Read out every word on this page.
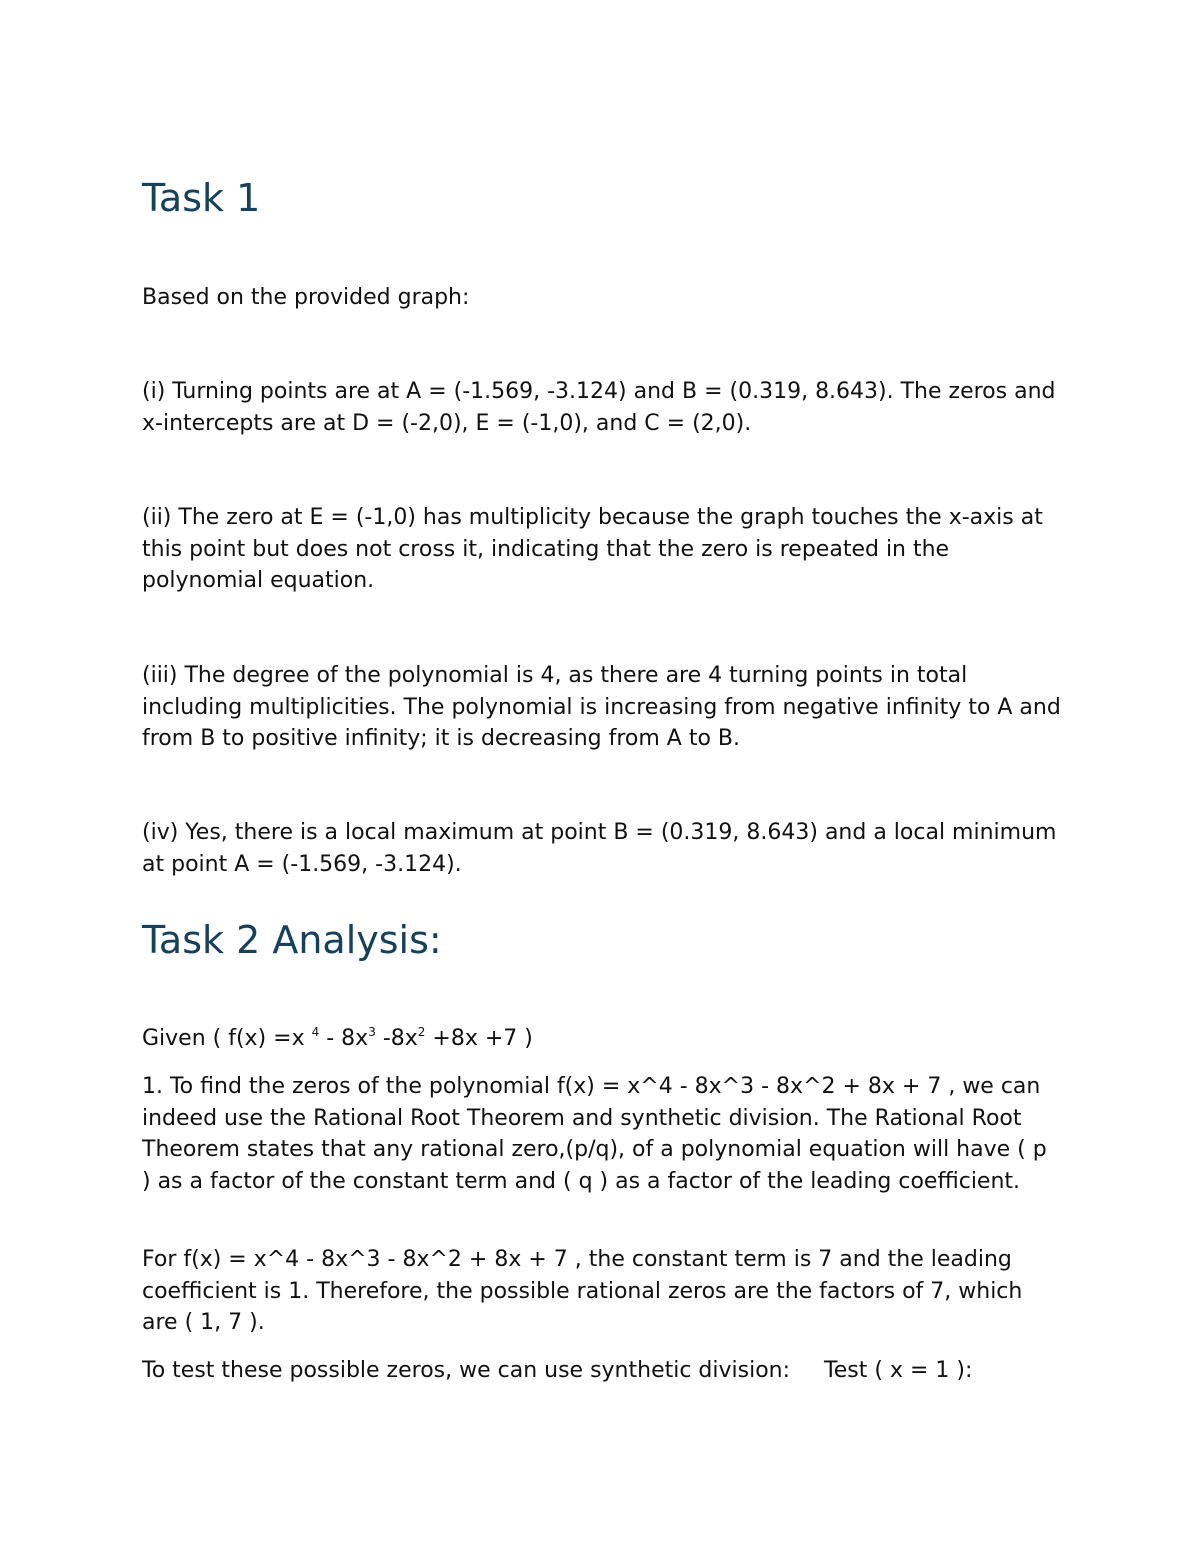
Task 1

Based on the provided graph:

(i) Turning points are at A = (-1.569, -3.124) and B = (0.319, 8.643). The zeros and x-intercepts are at D = (-2,0), E = (-1,0), and C = (2,0).

(ii) The zero at E = (-1,0) has multiplicity because the graph touches the x-axis at this point but does not cross it, indicating that the zero is repeated in the polynomial equation.

(iii) The degree of the polynomial is 4, as there are 4 turning points in total including multiplicities. The polynomial is increasing from negative infinity to A and from B to positive infinity; it is decreasing from A to B.

(iv) Yes, there is a local maximum at point B = (0.319, 8.643) and a local minimum at point A = (-1.569, -3.124).

Task 2 Analysis:

Given ( f(x) =x $^4 - 8x^3$ $-8x^2 +8x +7$ )

1. To find the zeros of the polynomial f(x) = x^4 - 8x^3 - 8x^2 + 8x + 7 , we can indeed use the Rational Root Theorem and synthetic division. The Rational Root Theorem states that any rational zero,(p/q), of a polynomial equation will have ( p ) as a factor of the constant term and ( q ) as a factor of the leading coefficient.

For f(x) = x^4 - 8x^3 - 8x^2 + 8x + 7 , the constant term is 7 and the leading coefficient is 1. Therefore, the possible rational zeros are the factors of 7, which are ( 1, 7 ).

To test these possible zeros, we can use synthetic division: Test ( x = 1 ):
